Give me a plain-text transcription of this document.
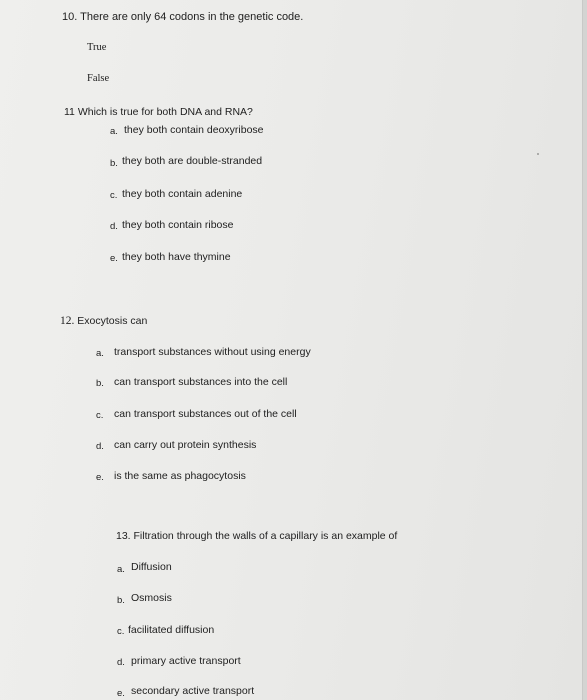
10. There are only 64 codons in the genetic code.
True
False
11 Which is true for both DNA and RNA?
a. they both contain deoxyribose
b. they both are double-stranded
c. they both contain adenine
d. they both contain ribose
e. they both have thymine
12. Exocytosis can
a. transport substances without using energy
b. can transport substances into the cell
c. can transport substances out of the cell
d. can carry out protein synthesis
e. is the same as phagocytosis
13. Filtration through the walls of a capillary is an example of
a. Diffusion
b. Osmosis
c. facilitated diffusion
d. primary active transport
e. secondary active transport
